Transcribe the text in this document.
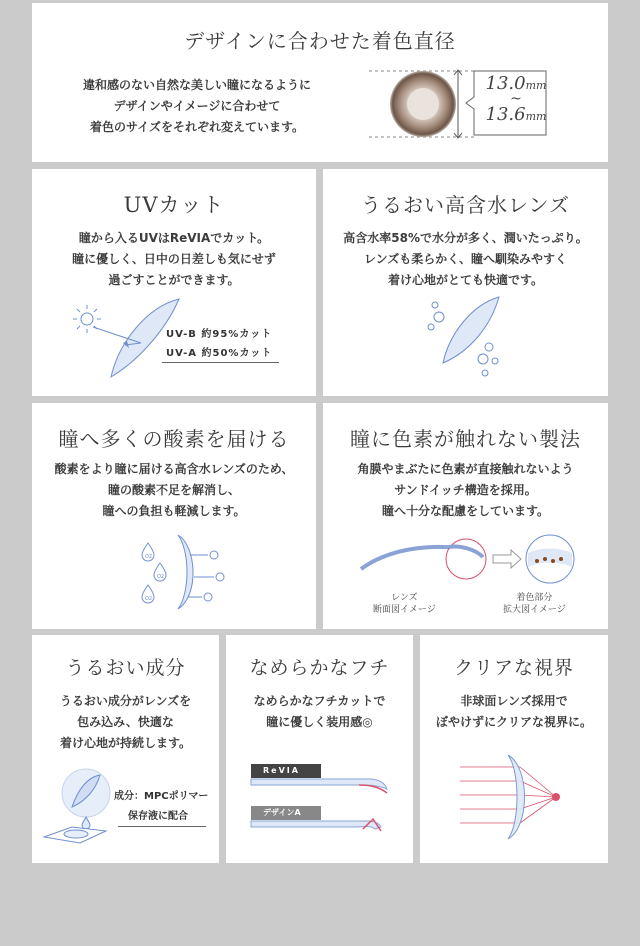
デザインに合わせた着色直径
違和感のない自然な美しい瞳になるように
デザインやイメージに合わせて
着色のサイズをそれぞれ変えています。
13.0mm
~
13.6mm
UVカット
瞳から入るUVはReVIAでカット。
瞳に優しく、日中の日差しも気にせず
過ごすことができます。
UV-B 約95%カット
UV-A 約50%カット
うるおい高含水レンズ
高含水率58%で水分が多く、潤いたっぷり。
レンズも柔らかく、瞳へ馴染みやすく
着け心地がとても快適です。
瞳へ多くの酸素を届ける
酸素をより瞳に届ける高含水レンズのため、
瞳の酸素不足を解消し、
瞳への負担も軽減します。
O2
O2
O2
瞳に色素が触れない製法
角膜やまぶたに色素が直接触れないよう
サンドイッチ構造を採用。
瞳へ十分な配慮をしています。
レンズ
断面図イメージ
着色部分
拡大図イメージ
うるおい成分
うるおい成分がレンズを
包み込み、快適な
着け心地が持続します。
成分：MPCポリマー
保存液に配合
なめらかなフチ
なめらかなフチカットで
瞳に優しく装用感◎
ReVIA
デザインA
クリアな視界
非球面レンズ採用で
ぼやけずにクリアな視界に。
